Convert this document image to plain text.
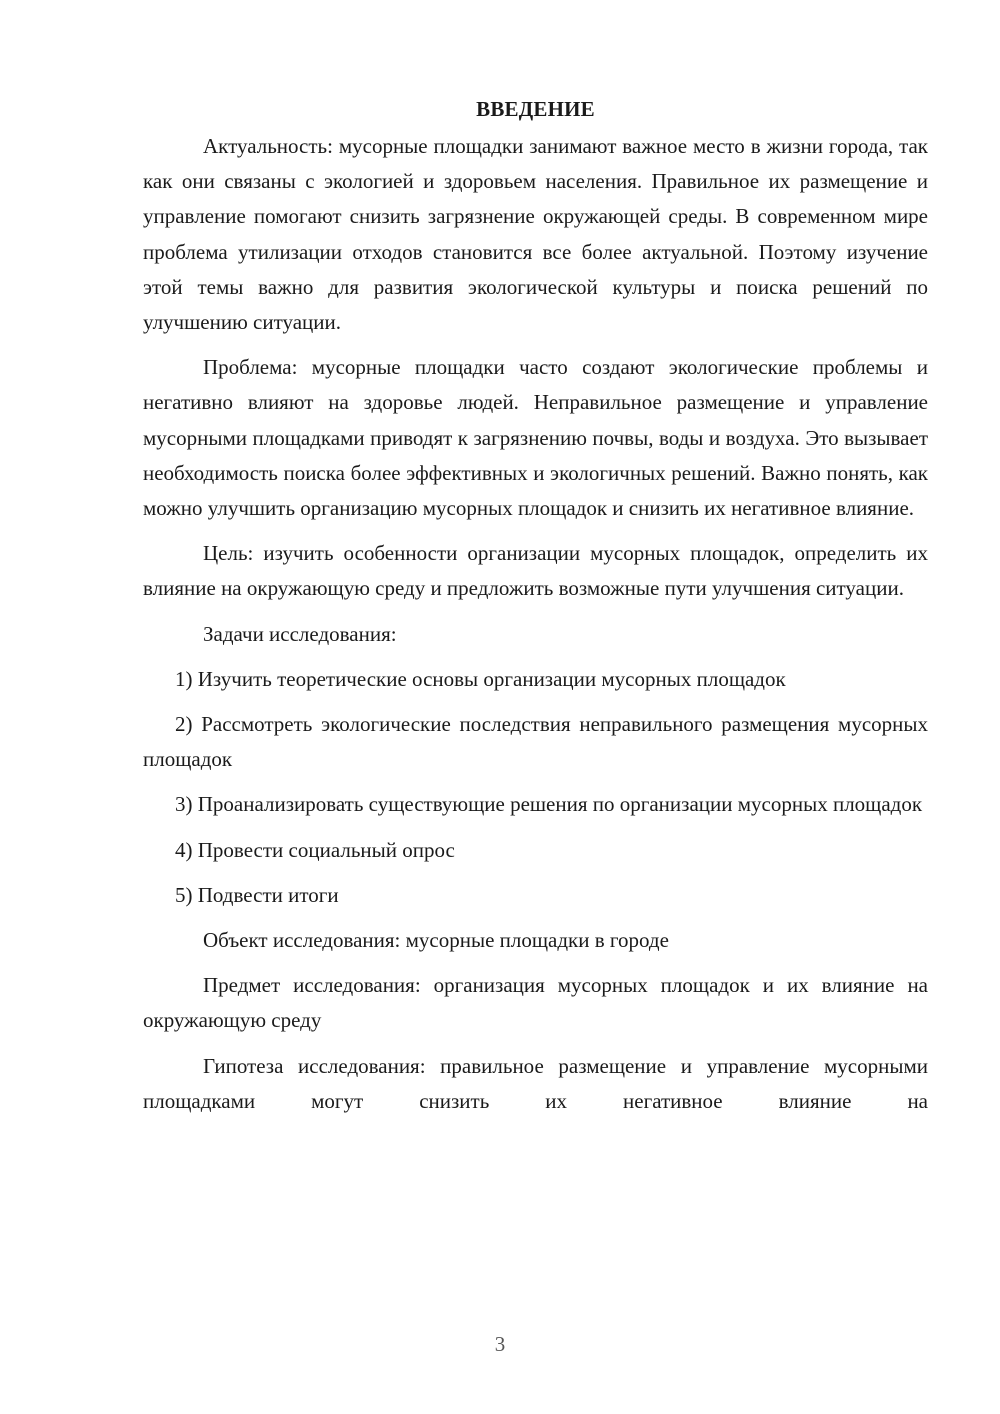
ВВЕДЕНИЕ

Актуальность: мусорные площадки занимают важное место в жизни города, так как они связаны с экологией и здоровьем населения. Правильное их размещение и управление помогают снизить загрязнение окружающей среды. В современном мире проблема утилизации отходов становится все более актуальной. Поэтому изучение этой темы важно для развития экологической культуры и поиска решений по улучшению ситуации.

Проблема: мусорные площадки часто создают экологические проблемы и негативно влияют на здоровье людей. Неправильное размещение и управление мусорными площадками приводят к загрязнению почвы, воды и воздуха. Это вызывает необходимость поиска более эффективных и экологичных решений. Важно понять, как можно улучшить организацию мусорных площадок и снизить их негативное влияние.

Цель: изучить особенности организации мусорных площадок, определить их влияние на окружающую среду и предложить возможные пути улучшения ситуации.

Задачи исследования:

1) Изучить теоретические основы организации мусорных площадок

2) Рассмотреть экологические последствия неправильного размещения мусорных площадок

3) Проанализировать существующие решения по организации мусорных площадок

4) Провести социальный опрос

5) Подвести итоги

Объект исследования: мусорные площадки в городе

Предмет исследования: организация мусорных площадок и их влияние на окружающую среду

Гипотеза исследования: правильное размещение и управление мусорными площадками могут снизить их негативное влияние на

3
